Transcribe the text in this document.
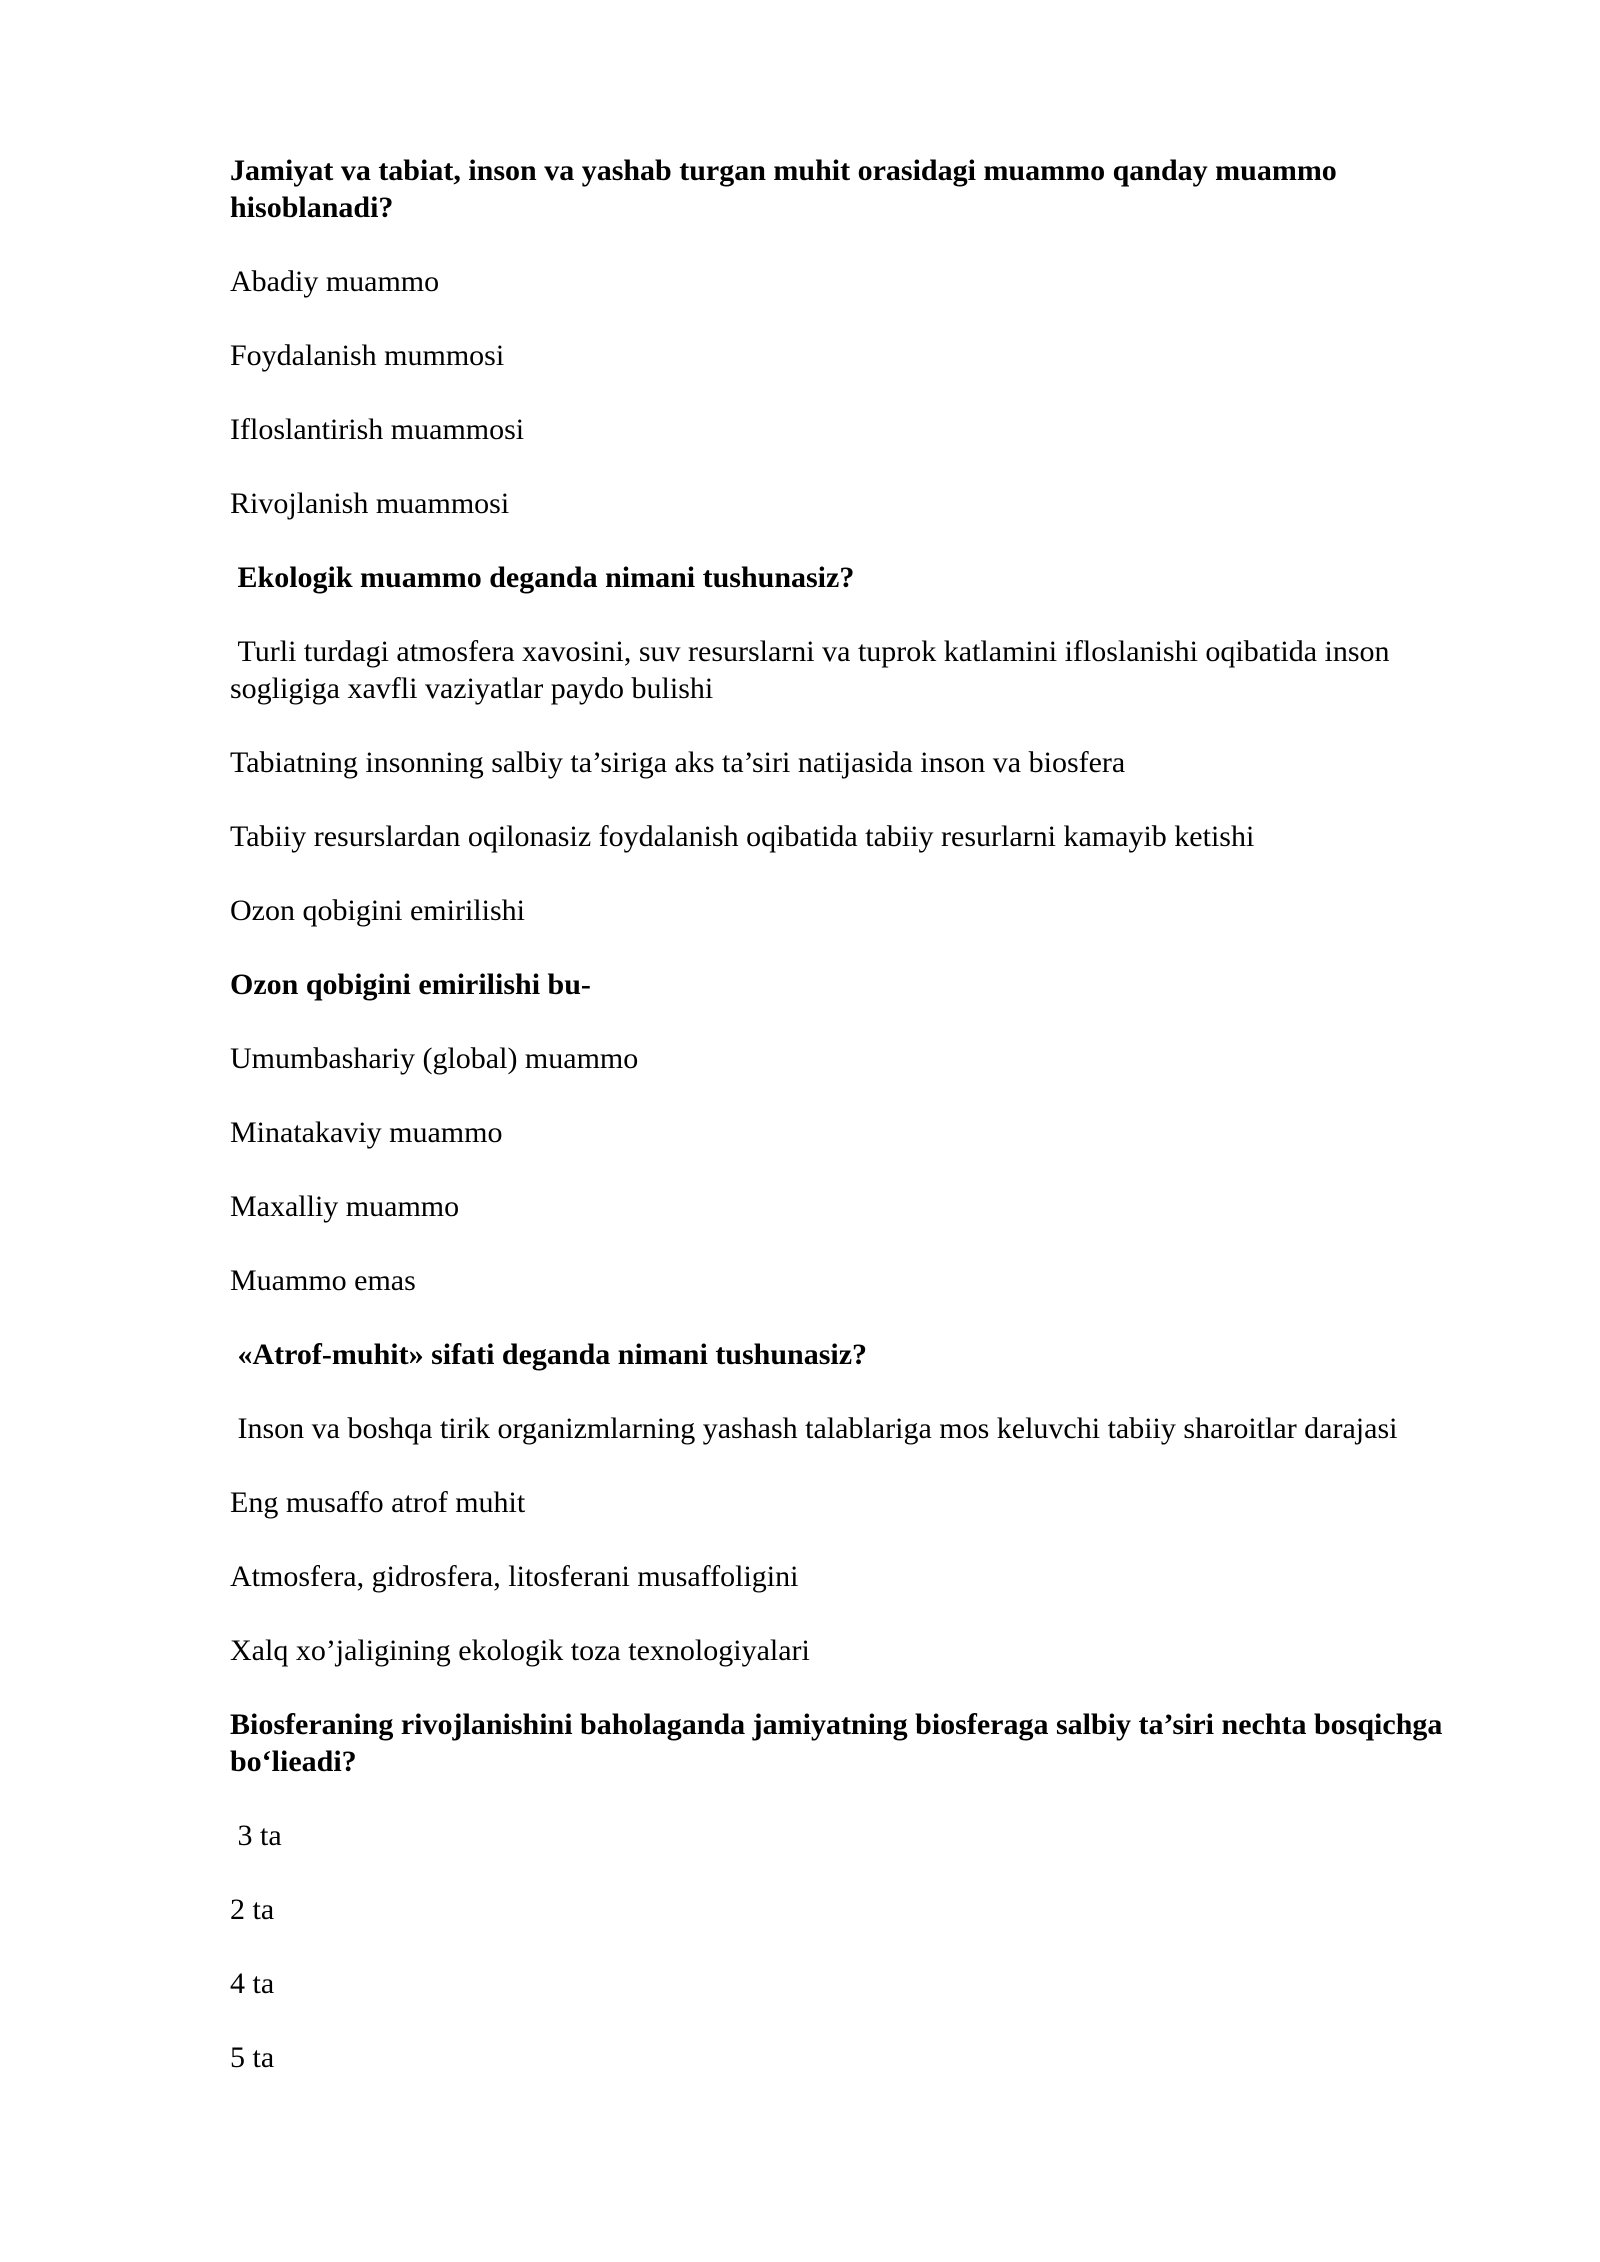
Jamiyat va tabiat, inson va yashab turgan muhit orasidagi muammo qanday muammo hisoblanadi?
Abadiy muammo
Foydalanish mummosi
Ifloslantirish muammosi
Rivojlanish muammosi
Ekologik muammo deganda nimani tushunasiz?
Turli turdagi atmosfera xavosini, suv resurslarni va tuprok katlamini ifloslanishi oqibatida inson sogligiga xavfli vaziyatlar paydo bulishi
Tabiatning insonning salbiy ta’siriga aks ta’siri natijasida inson va biosfera
Tabiiy resurslardan oqilonasiz foydalanish oqibatida tabiiy resurlarni kamayib ketishi
Ozon qobigini emirilishi
Ozon qobigini emirilishi bu-
Umumbashariy (global) muammo
Minatakaviy muammo
Maxalliy muammo
Muammo emas
«Atrof-muhit» sifati deganda nimani tushunasiz?
Inson va boshqa tirik organizmlarning yashash talablariga mos keluvchi tabiiy sharoitlar darajasi
Eng musaffo atrof muhit
Atmosfera, gidrosfera, litosferani musaffoligini
Xalq xo’jaligining ekologik toza texnologiyalari
Biosferaning rivojlanishini baholaganda jamiyatning biosferaga salbiy ta’siri nechta bosqichga bo‘lieadi?
3 ta
2 ta
4 ta
5 ta
